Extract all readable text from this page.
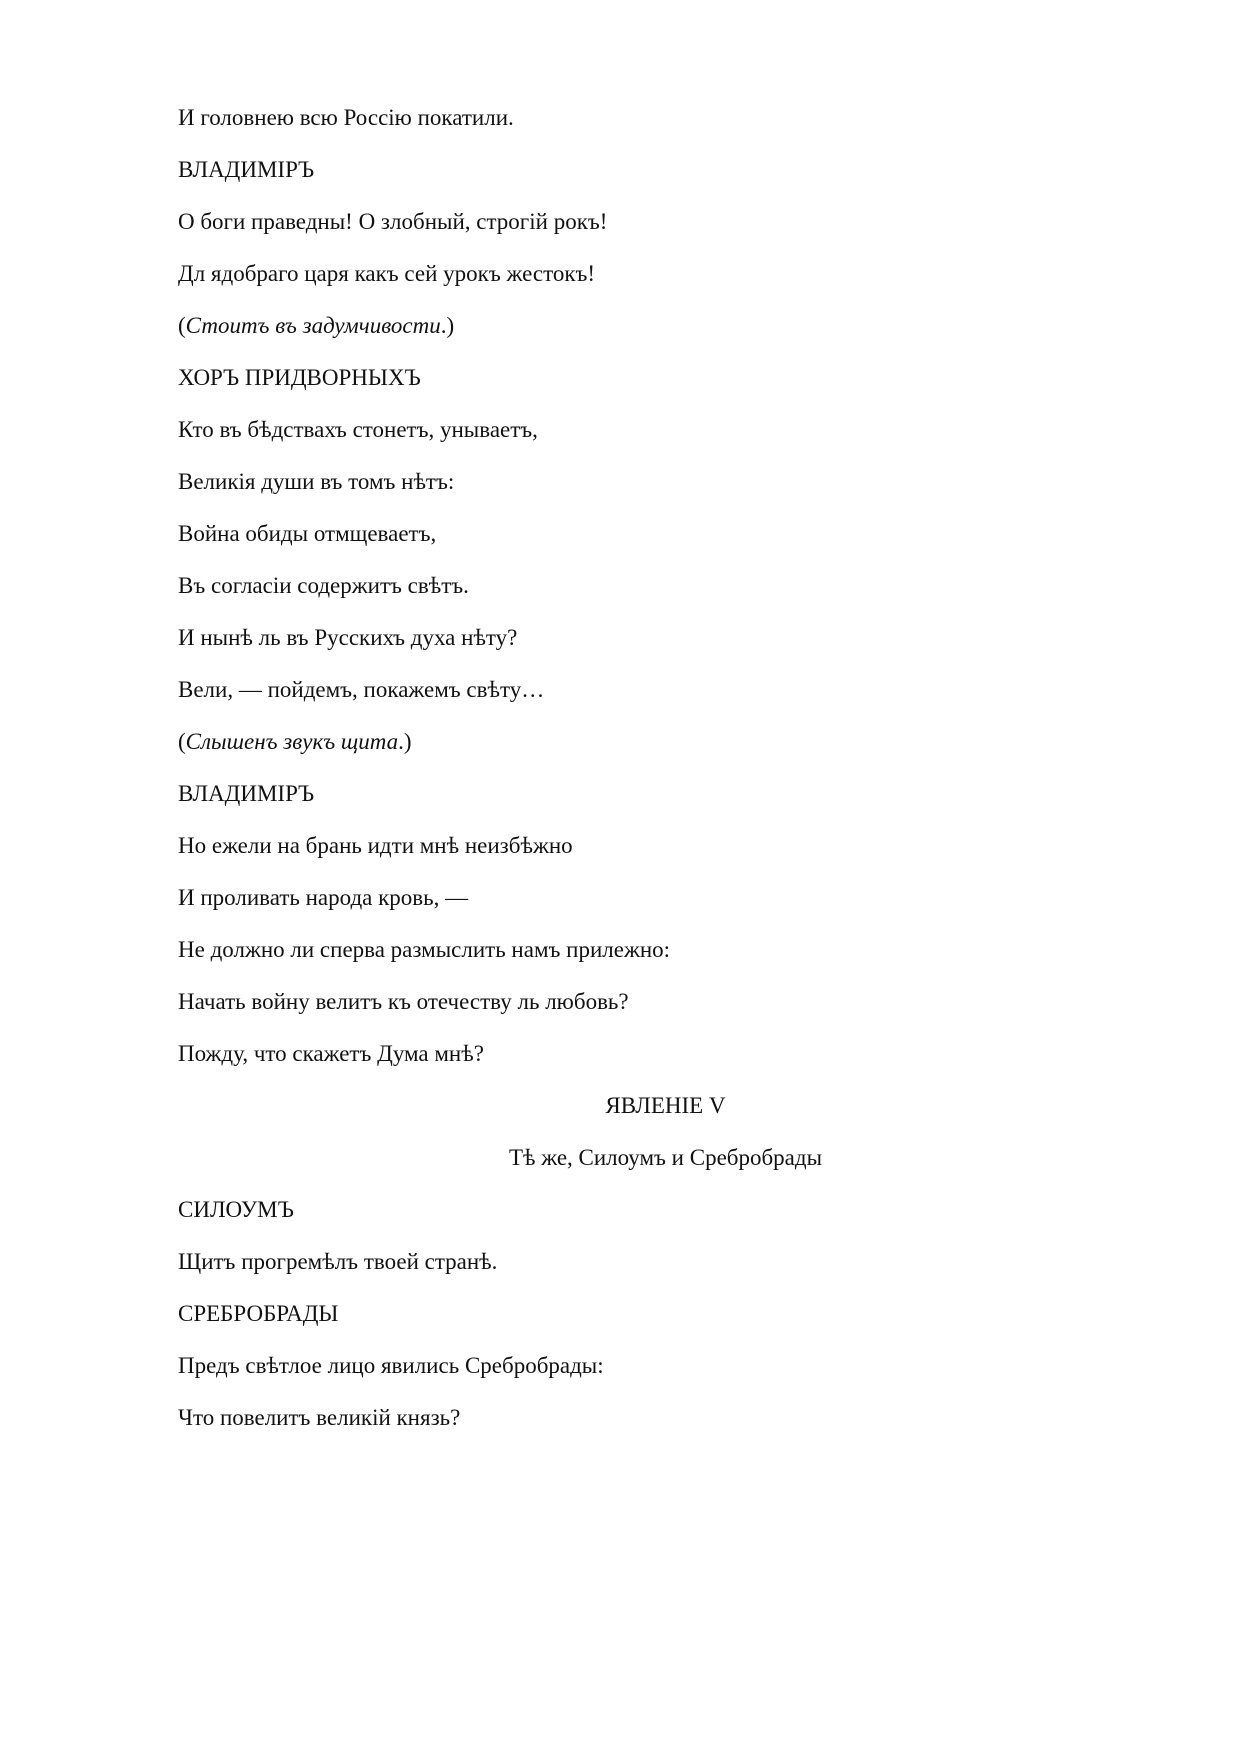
И головнею всю Россію покатили.
ВЛАДИМІРЪ
О боги праведны! О злобный, строгій рокъ!
Дл ядобраго царя какъ сей урокъ жестокъ!
(Стоитъ въ задумчивости.)
ХОРЪ ПРИДВОРНЫХЪ
Кто въ бѣдствахъ стонетъ, унываетъ,
Великія души въ томъ нѣтъ:
Война обиды отмщеваетъ,
Въ согласіи содержитъ свѣтъ.
И нынѣ ль въ Русскихъ духа нѣту?
Вели, — пойдемъ, покажемъ свѣту…
(Слышенъ звукъ щита.)
ВЛАДИМІРЪ
Но ежели на брань идти мнѣ неизбѣжно
И проливать народа кровь, —
Не должно ли сперва размыслить намъ прилежно:
Начать войну велитъ къ отечеству ль любовь?
Пожду, что скажетъ Дума мнѣ?
ЯВЛЕНІЕ V
Тѣ же, Силоумъ и Сребробрады
СИЛОУМЪ
Щитъ прогремѣлъ твоей странѣ.
СРЕБРОБРАДЫ
Предъ свѣтлое лицо явились Сребробрады:
Что повелитъ великій князь?
